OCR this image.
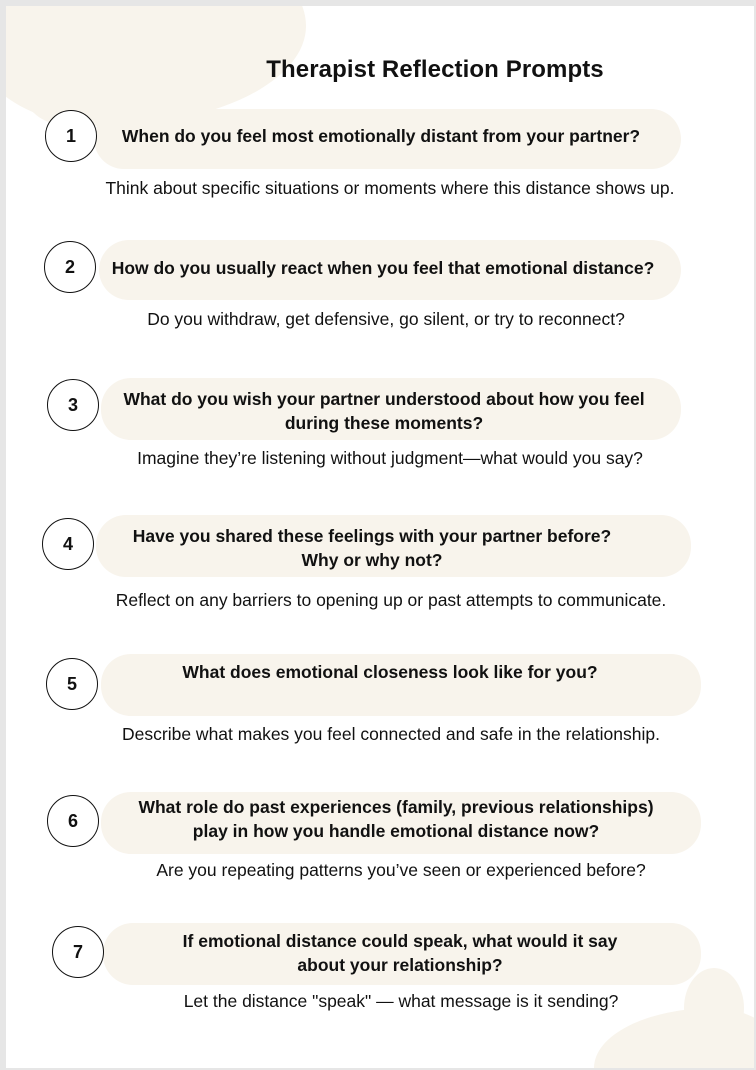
Therapist Reflection Prompts
1	When do you feel most emotionally distant from your partner?
Think about specific situations or moments where this distance shows up.
2	How do you usually react when you feel that emotional distance?
Do you withdraw, get defensive, go silent, or try to reconnect?
3	What do you wish your partner understood about how you feel
during these moments?
Imagine they’re listening without judgment—what would you say?
4	Have you shared these feelings with your partner before?
Why or why not?
Reflect on any barriers to opening up or past attempts to communicate.
5
What does emotional closeness look like for you?
Describe what makes you feel connected and safe in the relationship.
6
What role do past experiences (family, previous relationships)
play in how you handle emotional distance now?
Are you repeating patterns you’ve seen or experienced before?
7
If emotional distance could speak, what would it say
about your relationship?
Let the distance "speak" — what message is it sending?
